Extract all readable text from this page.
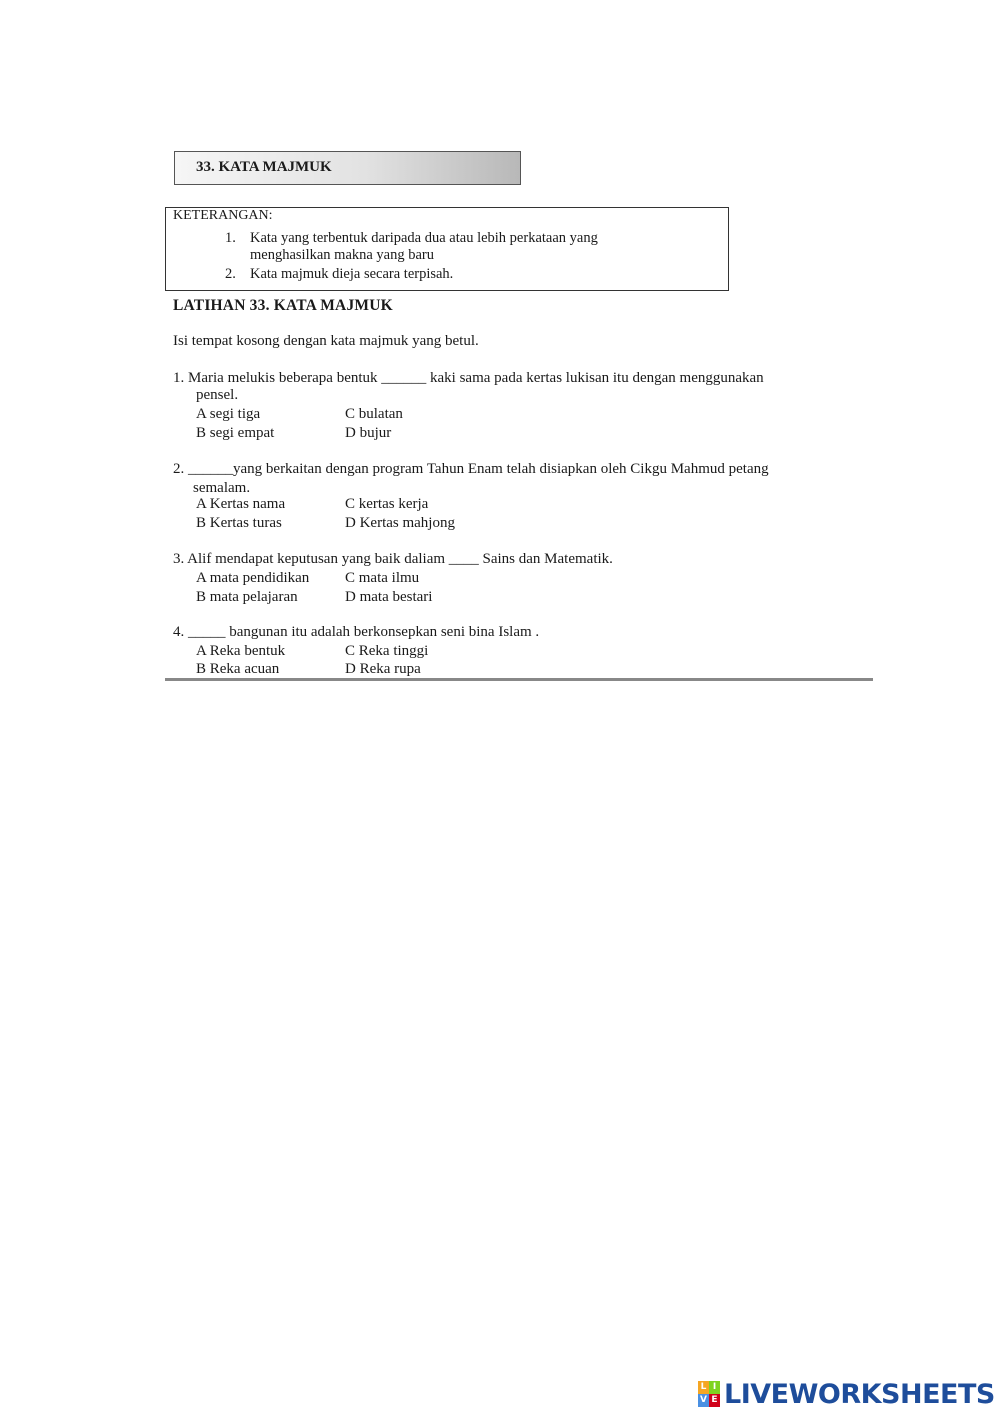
33. KATA MAJMUK
KETERANGAN:
1. Kata yang terbentuk daripada dua atau lebih perkataan yang
menghasilkan makna yang baru
2. Kata majmuk dieja secara terpisah.
LATIHAN 33. KATA MAJMUK
Isi tempat kosong dengan kata majmuk yang betul.
1. Maria melukis beberapa bentuk ______ kaki sama pada kertas lukisan itu dengan menggunakan
pensel.
A segi tiga	C bulatan
B segi empat	D bujur
2. ______yang berkaitan dengan program Tahun Enam telah disiapkan oleh Cikgu Mahmud petang
semalam.
A Kertas nama	C kertas kerja
B Kertas turas	D Kertas mahjong
3. Alif mendapat keputusan yang baik daliam ____ Sains dan Matematik.
A mata pendidikan C mata ilmu
B mata pelajaran	D mata bestari
4. _____ bangunan itu adalah berkonsepkan seni bina Islam .
A Reka bentuk	C Reka tinggi
B Reka acuan	D Reka rupa
L I
V E LIVEWORKSHEETS
